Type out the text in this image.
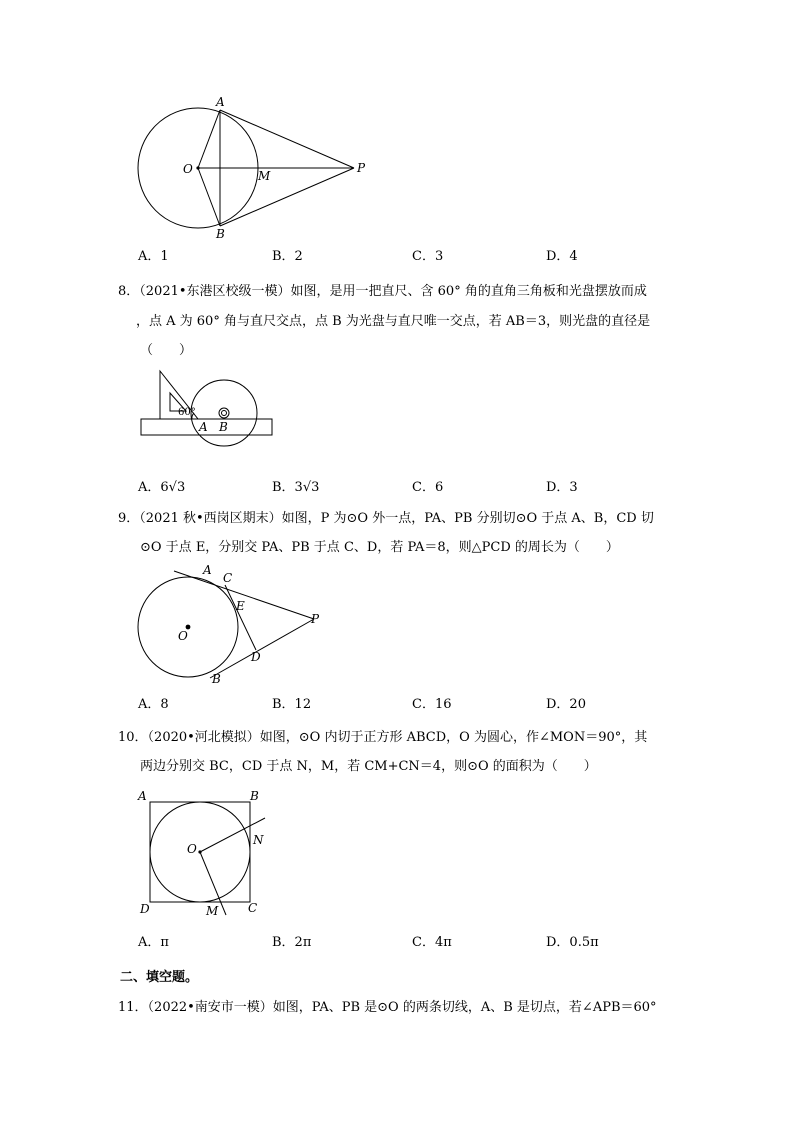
A
B
O	M
P
A．1	B．2	C．3	D．4
8．（2021•东港区校级一模）如图，是用一把直尺、含 60° 角的直角三角板和光盘摆放而成
，点 A 为 60° 角与直尺交点，点 B 为光盘与直尺唯一交点，若 AB＝3，则光盘的直径是
（　　）
60°
A B
A．6√3	B．3√3	C．6	D．3
9．（2021 秋•西岗区期末）如图，P 为⊙O 外一点，PA、PB 分别切⊙O 于点 A、B，CD 切
⊙O 于点 E，分别交 PA、PB 于点 C、D，若 PA＝8，则△PCD 的周长为（　　）
A
C
E
O
P
D
B
A．8	B．12	C．16	D．20
10．（2020•河北模拟）如图，⊙O 内切于正方形 ABCD，O 为圆心，作∠MON＝90°，其
两边分别交 BC，CD 于点 N，M，若 CM+CN＝4，则⊙O 的面积为（　　）
A	B
O
N
D	M C
A．π	B．2π	C．4π	D．0.5π
二、填空题。
11．（2022•南安市一模）如图，PA、PB 是⊙O 的两条切线，A、B 是切点，若∠APB＝60°
